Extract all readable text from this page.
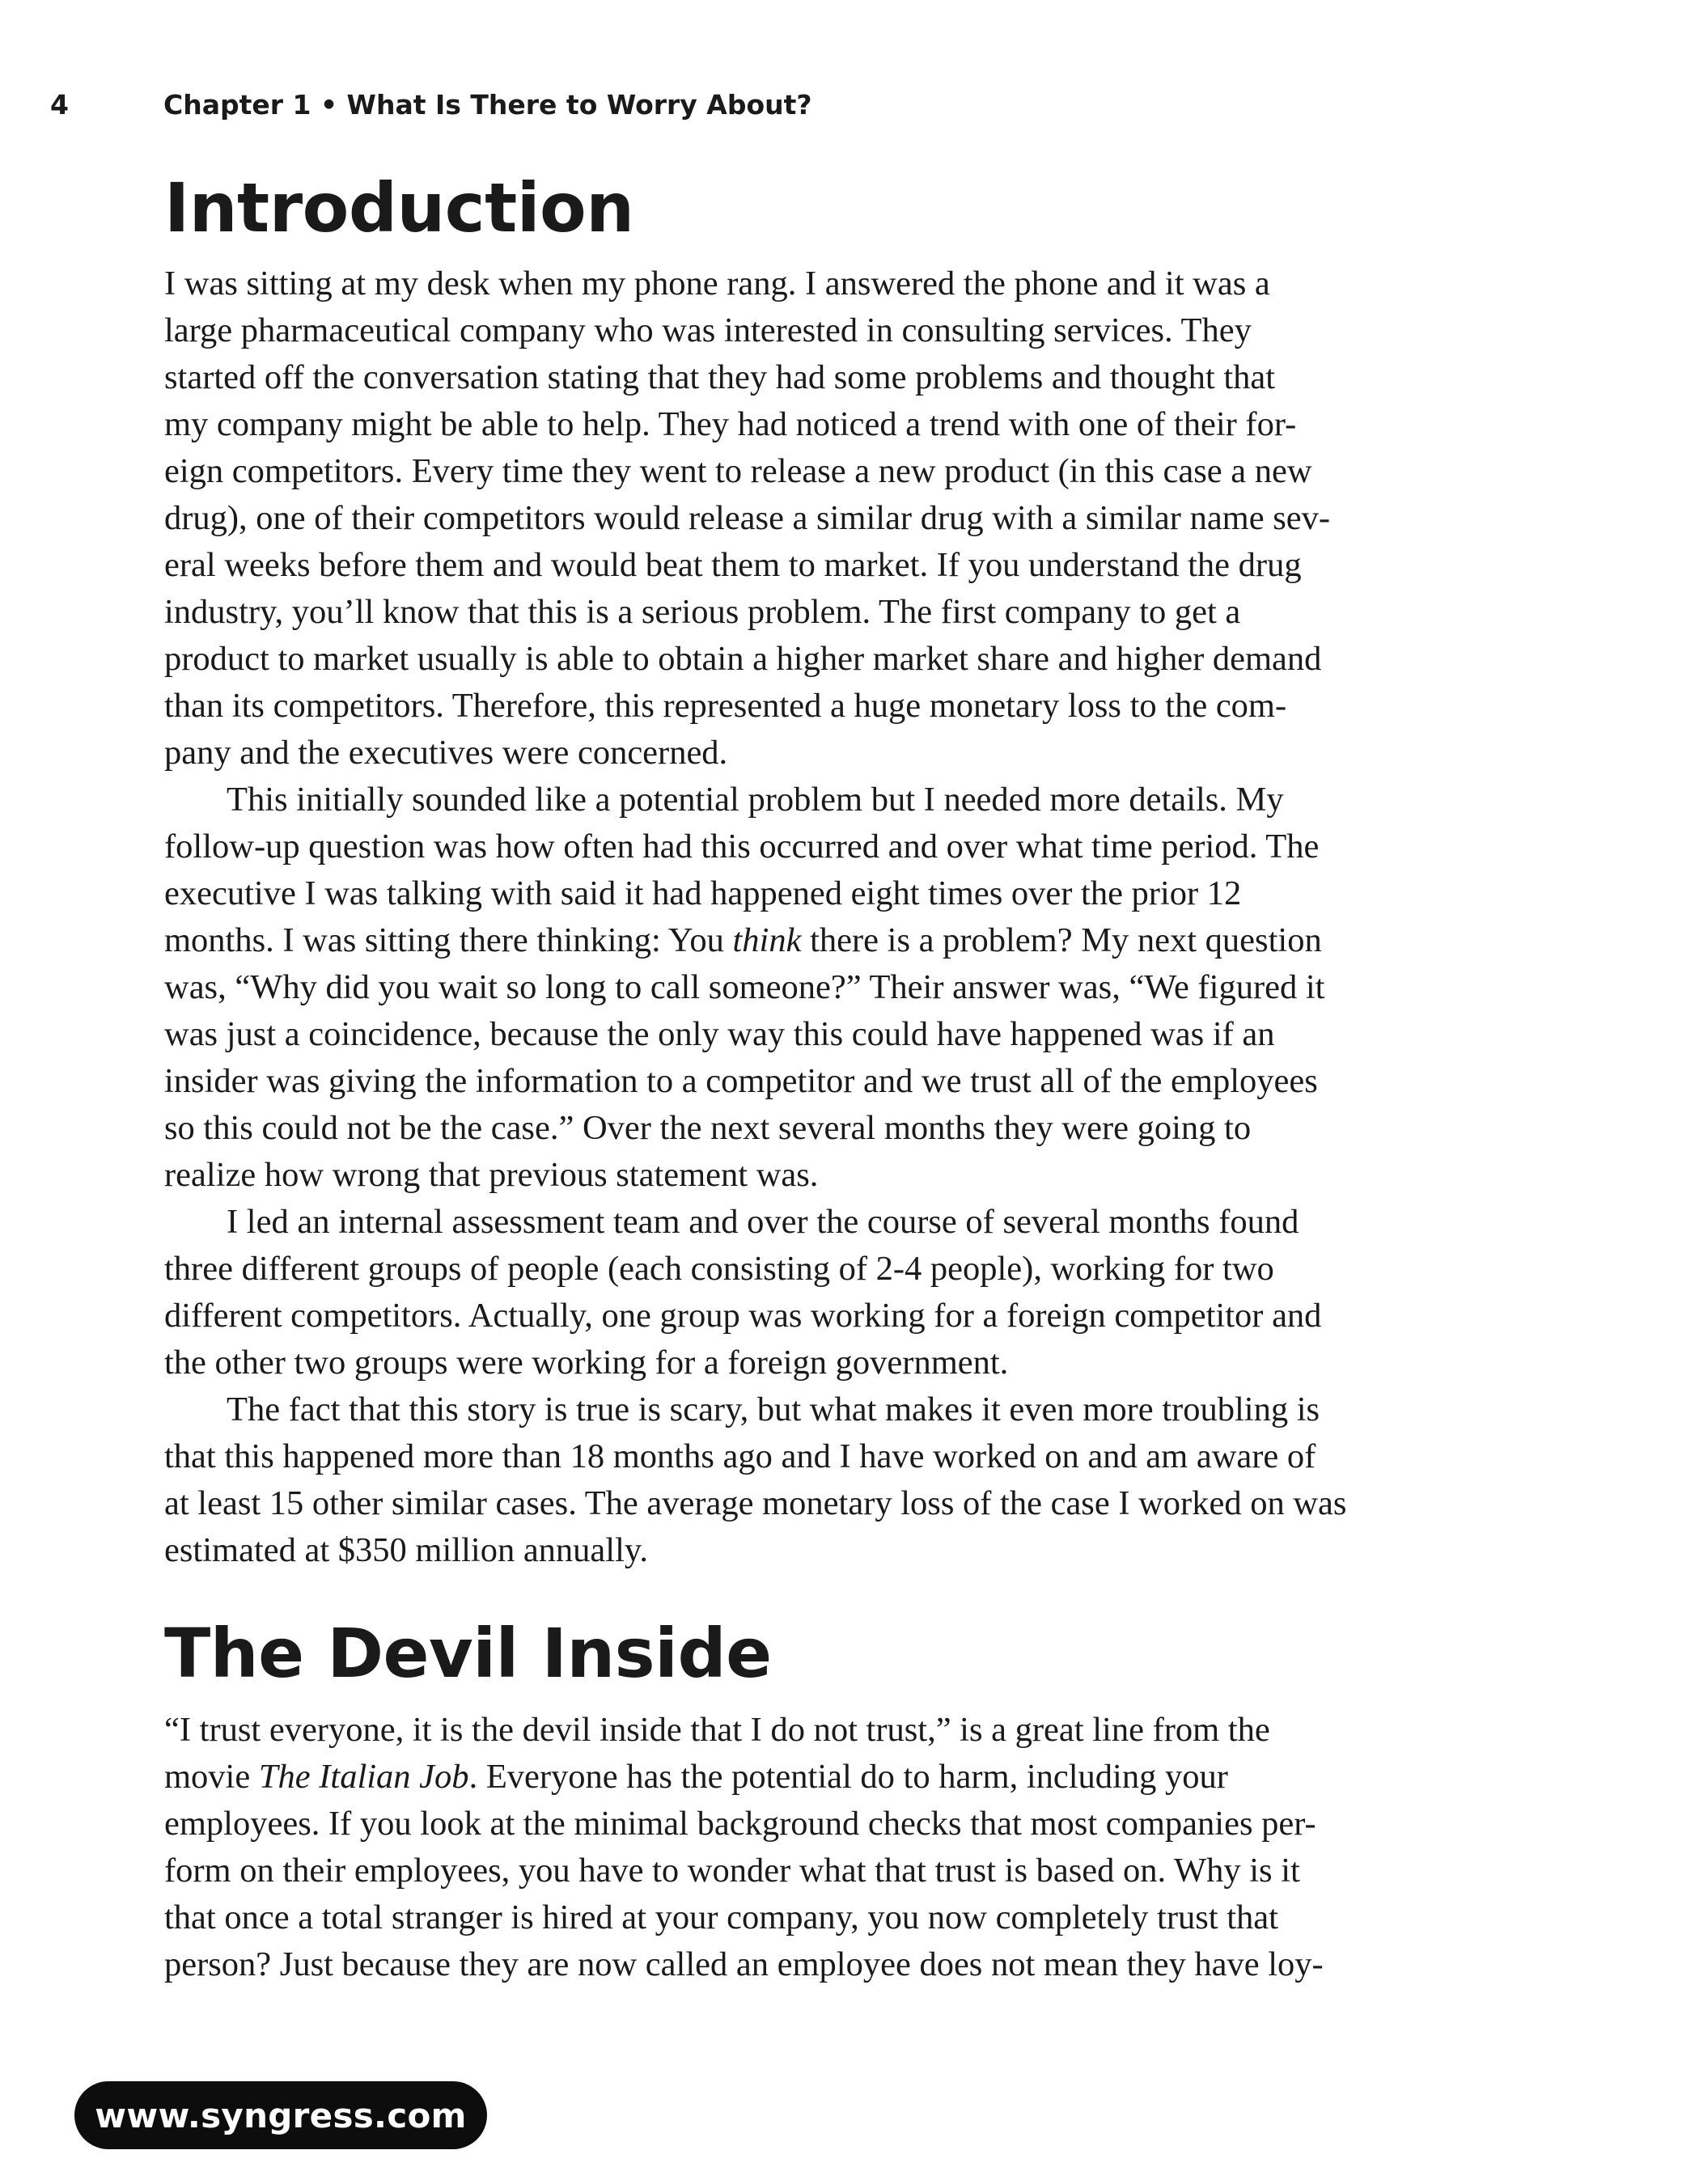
4	Chapter 1 • What Is There to Worry About?
Introduction
I was sitting at my desk when my phone rang. I answered the phone and it was a
large pharmaceutical company who was interested in consulting services. They
started off the conversation stating that they had some problems and thought that
my company might be able to help. They had noticed a trend with one of their for-
eign competitors. Every time they went to release a new product (in this case a new
drug), one of their competitors would release a similar drug with a similar name sev-
eral weeks before them and would beat them to market. If you understand the drug
industry, you’ll know that this is a serious problem. The first company to get a
product to market usually is able to obtain a higher market share and higher demand
than its competitors. Therefore, this represented a huge monetary loss to the com-
pany and the executives were concerned.
This initially sounded like a potential problem but I needed more details. My
follow-up question was how often had this occurred and over what time period. The
executive I was talking with said it had happened eight times over the prior 12
months. I was sitting there thinking: You think there is a problem? My next question
was, “Why did you wait so long to call someone?” Their answer was, “We figured it
was just a coincidence, because the only way this could have happened was if an
insider was giving the information to a competitor and we trust all of the employees
so this could not be the case.” Over the next several months they were going to
realize how wrong that previous statement was.
I led an internal assessment team and over the course of several months found
three different groups of people (each consisting of 2-4 people), working for two
different competitors. Actually, one group was working for a foreign competitor and
the other two groups were working for a foreign government.
The fact that this story is true is scary, but what makes it even more troubling is
that this happened more than 18 months ago and I have worked on and am aware of
at least 15 other similar cases. The average monetary loss of the case I worked on was
estimated at $350 million annually.
The Devil Inside
“I trust everyone, it is the devil inside that I do not trust,” is a great line from the
movie The Italian Job. Everyone has the potential do to harm, including your
employees. If you look at the minimal background checks that most companies per-
form on their employees, you have to wonder what that trust is based on. Why is it
that once a total stranger is hired at your company, you now completely trust that
person? Just because they are now called an employee does not mean they have loy-
www.syngress.com
